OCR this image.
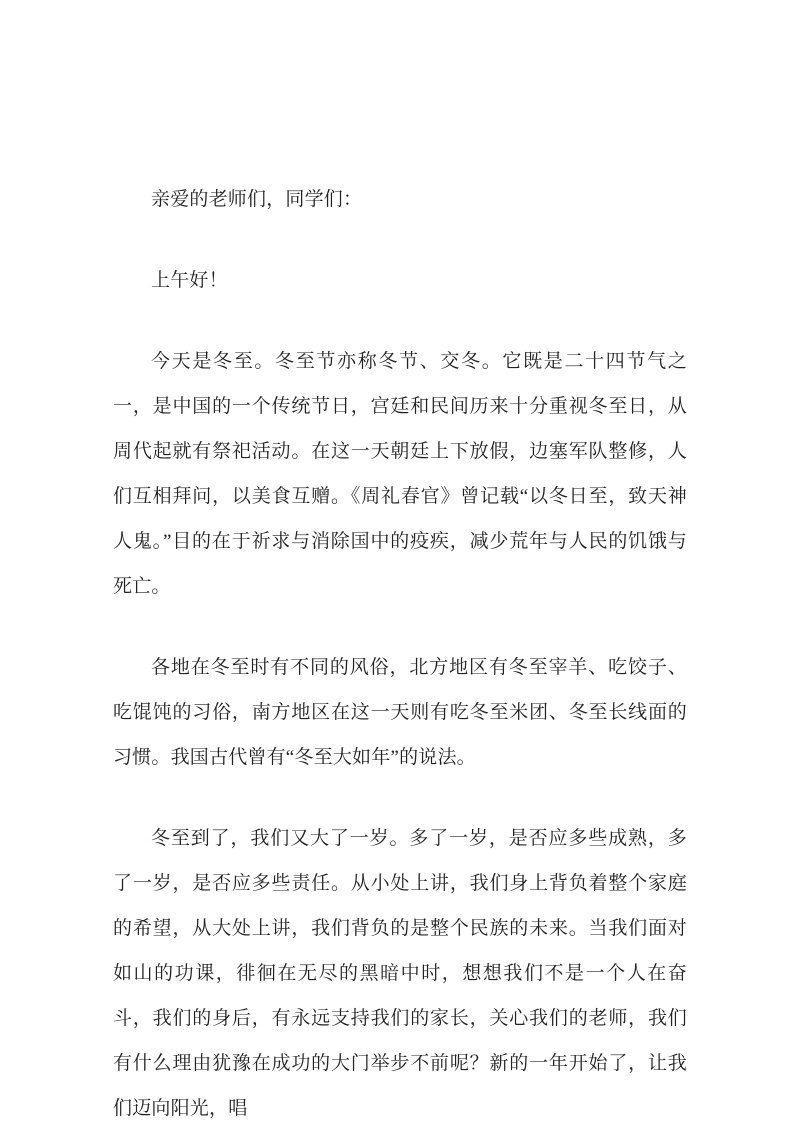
亲爱的老师们，同学们：

上午好！

今天是冬至。冬至节亦称冬节、交冬。它既是二十四节气之一，是中国的一个传统节日，宫廷和民间历来十分重视冬至日，从周代起就有祭祀活动。在这一天朝廷上下放假，边塞军队整修，人们互相拜问，以美食互赠。《周礼春官》曾记载“以冬日至，致天神人鬼。”目的在于祈求与消除国中的疫疾，减少荒年与人民的饥饿与死亡。

各地在冬至时有不同的风俗，北方地区有冬至宰羊、吃饺子、吃馄饨的习俗，南方地区在这一天则有吃冬至米团、冬至长线面的习惯。我国古代曾有“冬至大如年”的说法。

冬至到了，我们又大了一岁。多了一岁，是否应多些成熟，多了一岁，是否应多些责任。从小处上讲，我们身上背负着整个家庭的希望，从大处上讲，我们背负的是整个民族的未来。当我们面对如山的功课，徘徊在无尽的黑暗中时，想想我们不是一个人在奋斗，我们的身后，有永远支持我们的家长，关心我们的老师，我们有什么理由犹豫在成功的大门举步不前呢？新的一年开始了，让我们迈向阳光，唱
